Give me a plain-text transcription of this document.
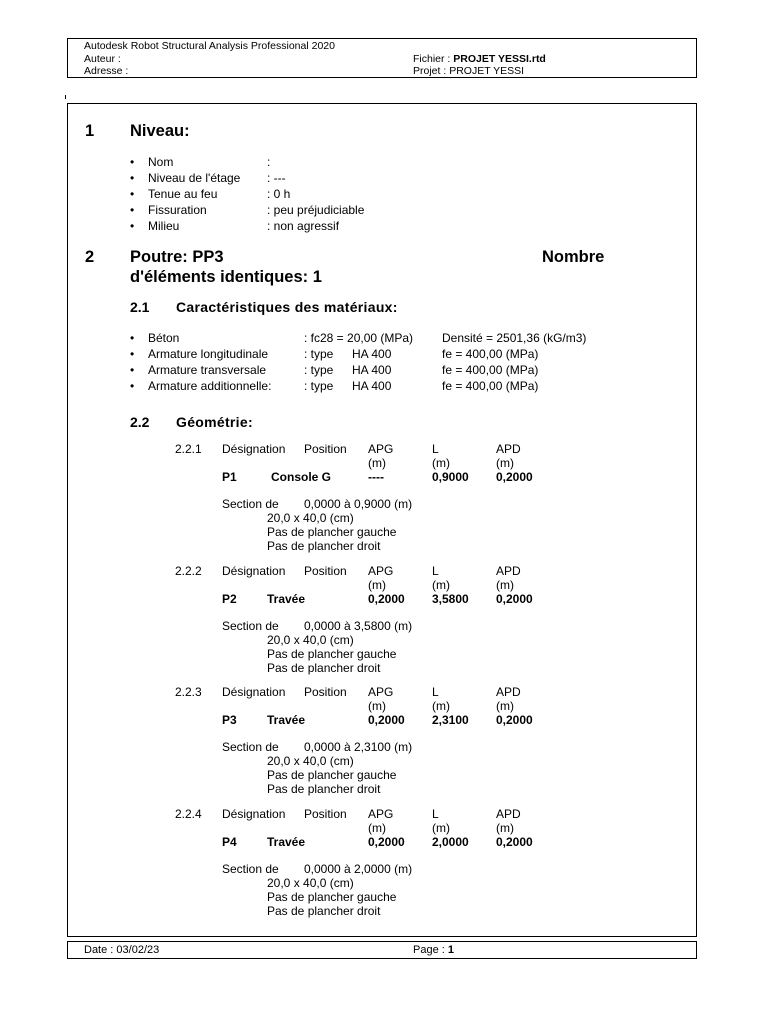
Autodesk Robot Structural Analysis Professional 2020
Auteur :
Adresse :
Fichier : PROJET YESSI.rtd
Projet : PROJET YESSI
1 Niveau:
• Nom	:
• Niveau de l'étage : ---
• Tenue au feu	: 0 h
• Fissuration	: peu préjudiciable
• Milieu	: non agressif
2 Poutre: PP3	Nombre
d'éléments identiques: 1
2.1 Caractéristiques des matériaux:
• Béton	: fc28 = 20,00 (MPa) Densité = 2501,36 (kG/m3)
• Armature longitudinale	: type HA 400	fe = 400,00 (MPa)
• Armature transversale	: type HA 400	fe = 400,00 (MPa)
• Armature additionnelle:	: type HA 400	fe = 400,00 (MPa)
2.2 Géométrie:
2.2.1 Désignation Position APG	L	APD
(m)	(m)	(m)
P1	Console G	----	0,9000 0,2000
Section de 0,0000 à 0,9000 (m)
20,0 x 40,0 (cm)
Pas de plancher gauche
Pas de plancher droit
2.2.2 Désignation Position APG	L	APD
(m)	(m)	(m)
P2	Travée	0,2000 3,5800 0,2000
Section de 0,0000 à 3,5800 (m)
20,0 x 40,0 (cm)
Pas de plancher gauche
Pas de plancher droit
2.2.3 Désignation Position APG	L	APD
(m)	(m)	(m)
P3	Travée	0,2000 2,3100 0,2000
Section de 0,0000 à 2,3100 (m)
20,0 x 40,0 (cm)
Pas de plancher gauche
Pas de plancher droit
2.2.4 Désignation Position APG	L	APD
(m)	(m)	(m)
P4	Travée	0,2000 2,0000 0,2000
Section de 0,0000 à 2,0000 (m)
20,0 x 40,0 (cm)
Pas de plancher gauche
Pas de plancher droit
Date : 03/02/23	Page : 1
